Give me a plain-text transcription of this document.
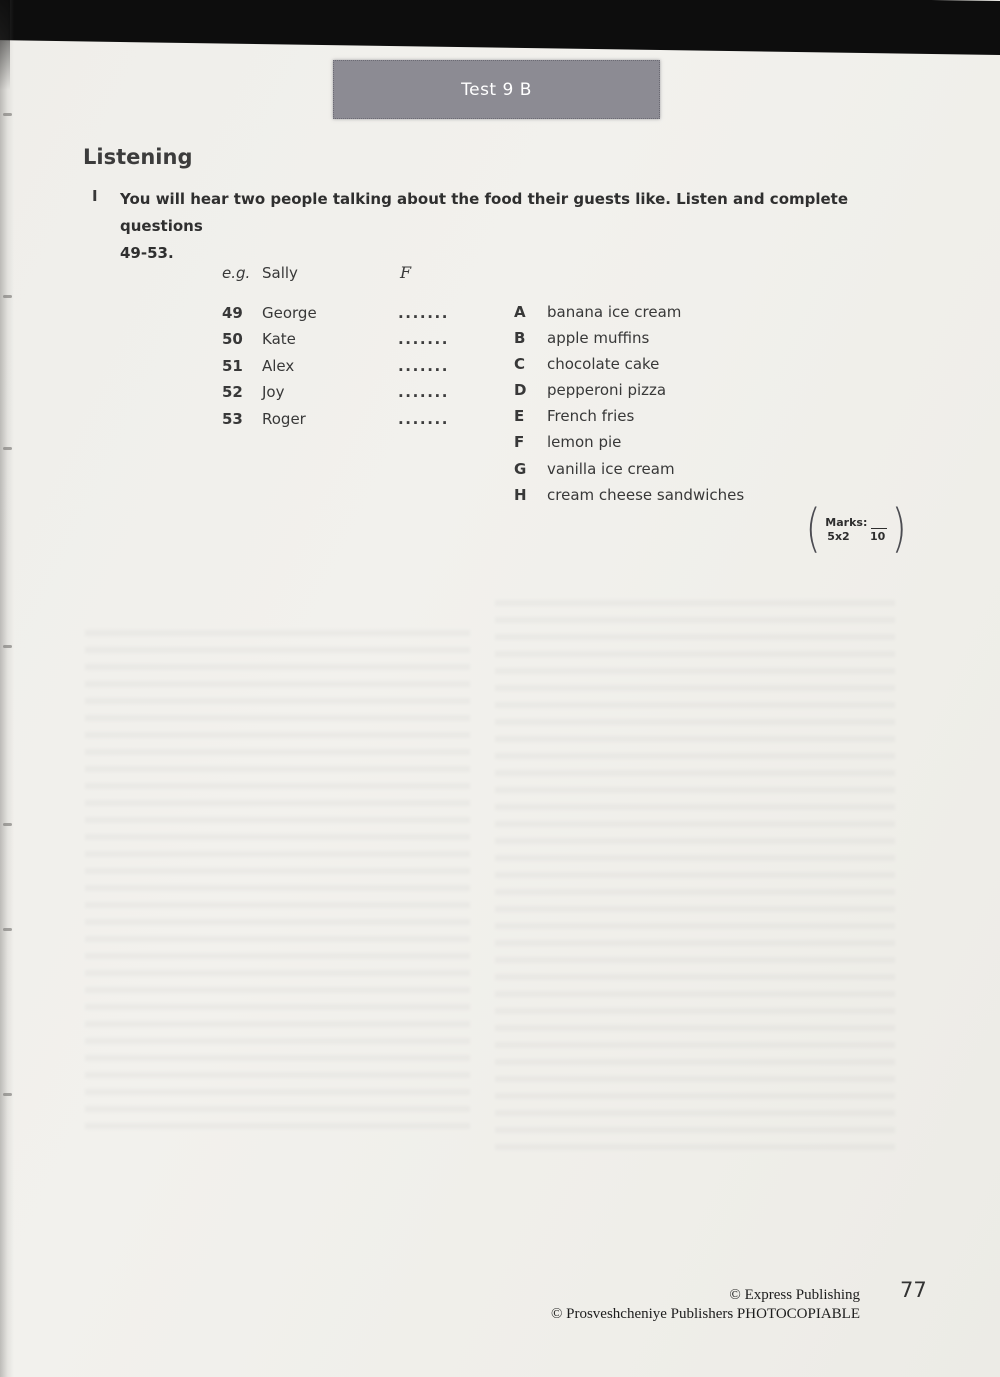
Test 9 B
Listening
I You will hear two people talking about the food their guests like. Listen and complete questions
49-53.
e.g. Sally	F
49 George	.......
50 Kate	.......
51 Alex	.......
52 Joy	.......
53 Roger	.......
A banana ice cream
B apple muffins
C chocolate cake
D pepperoni pizza
E French fries
F lemon pie
G vanilla ice cream
H cream cheese sandwiches
( Marks:
5x2 10 )
© Express Publishing
© Prosveshcheniye Publishers PHOTOCOPIABLE
77
